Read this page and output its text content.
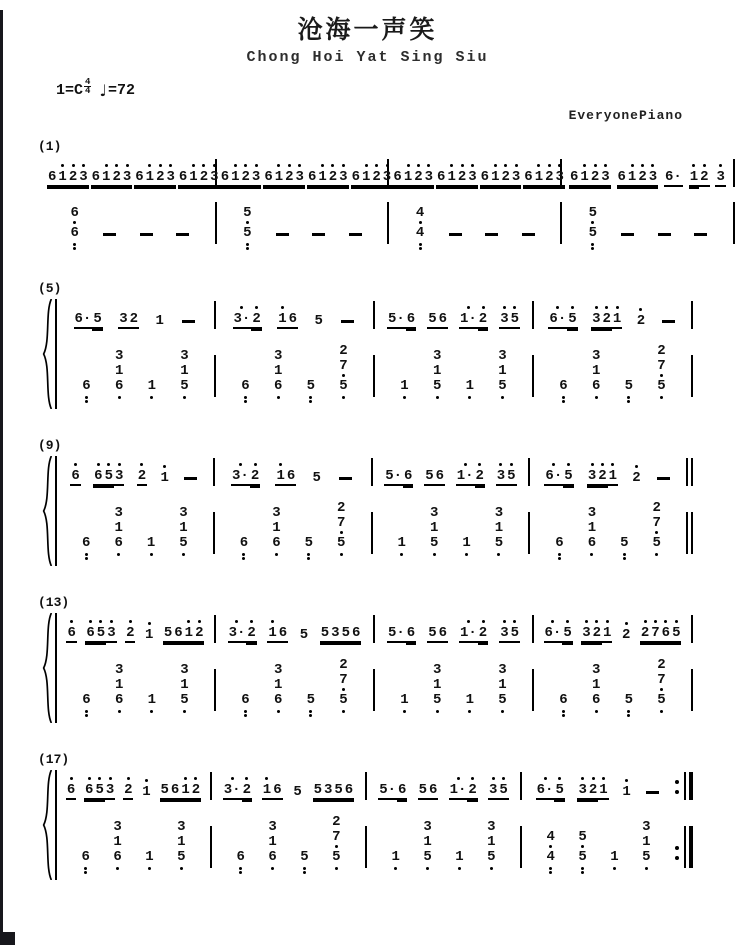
沧海一声笑
Chong Hoi Yat Sing Siu
$1=C \frac{4}{4}$ ♩ =72
EveryonePiano
(1)
6 1 2 3 6 1 2 3 6 1 2 3 6 1 2 3 6 1 2 3 6 1 2 3 6 1 2 3 6 1 2 3 6 1 2 3 6 1 2 3 6 1 2 3 6 1 2 3 6 1 2 3 6 1 2 3 6· 1 2 3
6
6
5
5
4
4
5
5
(5)
6· 5 3 2 1	3· 2 1 6 5	5· 6 5 6 1· 2 3 5 6· 5 3 2 1 2
6
3
1
6 1
3
1
5	6
3
1
6 5
2
7
5	1
3
1
5 1
3
1
5	6
3
1
6 5
2
7
5
(9)
6 6 5 3 2 1	3· 2 1 6 5	5· 6 5 6 1· 2 3 5 6· 5 3 2 1 2
6
3
1
6 1
3
1
5	6
3
1
6 5
2
7
5	1
3
1
5 1
3
1
5	6
3
1
6 5
2
7
5
(13)
6 6 5 3 2 1 5 6 1 2 3· 2 1 6 5 5 3 5 6 5· 6 5 6 1· 2 3 5 6· 5 3 2 1 2 2 7 6 5
6
3
1
6 1
3
1
5	6
3
1
6 5
2
7
5	1
3
1
5 1
3
1
5	6
3
1
6 5
2
7
5
(17)
6 6 5 3 2 1 5 6 1 2 3· 2 1 6 5 5 3 5 6 5· 6 5 6 1· 2 3 5 6· 5 3 2 1 1
6
3
1
6 1
3
1
5	6
3
1
6 5
2
7
5	1
3
1
5 1
3
1
5
4
4
5
5 1
3
1
5
